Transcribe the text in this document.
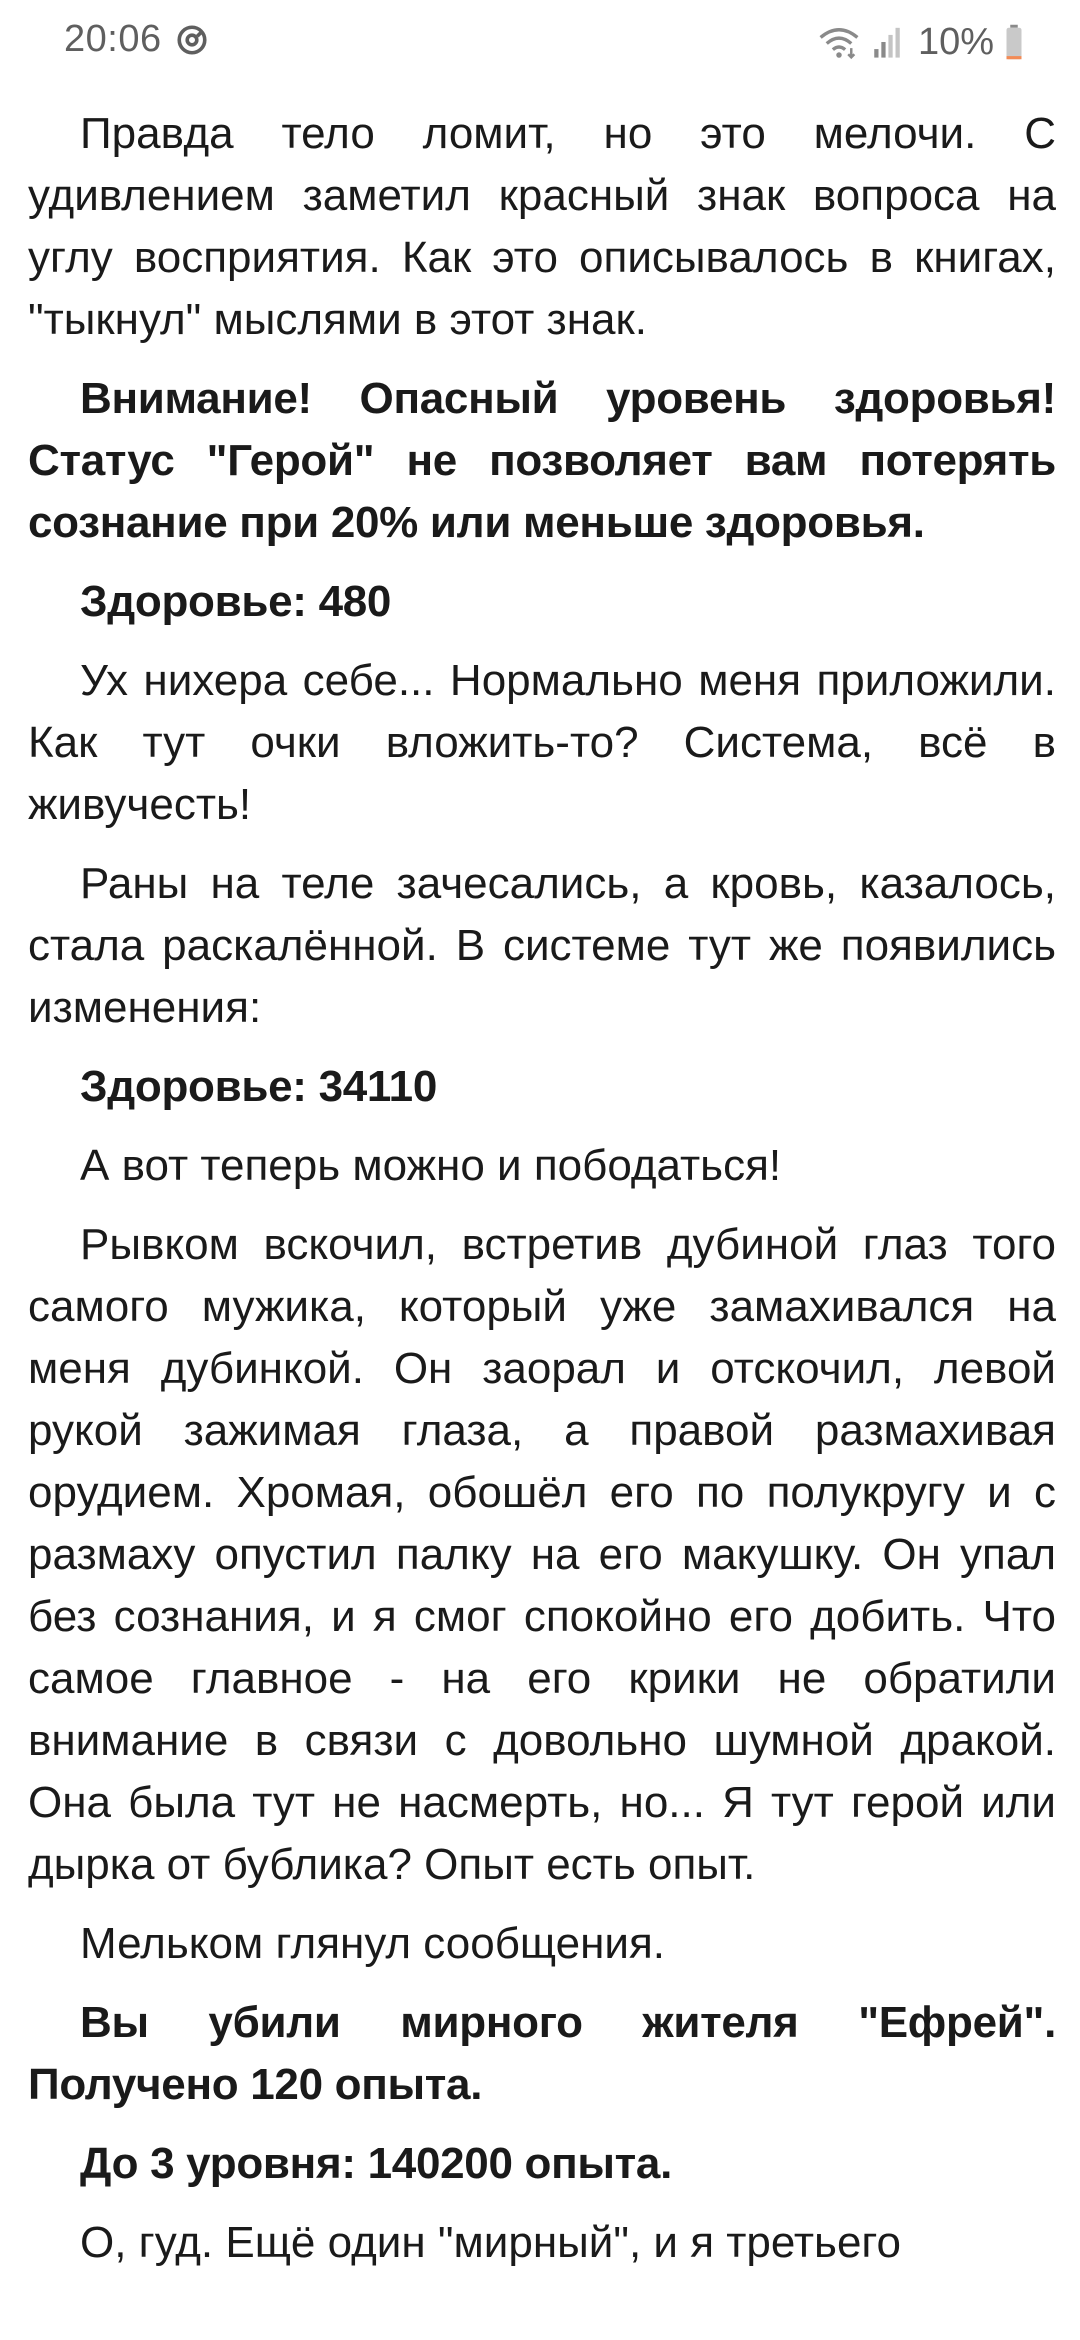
20:06	10%

Правда тело ломит, но это мелочи. С удивлением заметил красный знак вопроса на углу восприятия. Как это описывалось в книгах, "тыкнул" мыслями в этот знак.

Внимание! Опасный уровень здоровья! Статус "Герой" не позволяет вам потерять сознание при 20% или меньше здоровья.

Здоровье: 480

Ух нихера себе... Нормально меня приложили. Как тут очки вложить-то? Система, всё в живучесть!

Раны на теле зачесались, а кровь, казалось, стала раскалённой. В системе тут же появились изменения:

Здоровье: 34110

А вот теперь можно и пободаться!

Рывком вскочил, встретив дубиной глаз того самого мужика, который уже замахивался на меня дубинкой. Он заорал и отскочил, левой рукой зажимая глаза, а правой размахивая орудием. Хромая, обошёл его по полукругу и с размаху опустил палку на его макушку. Он упал без сознания, и я смог спокойно его добить. Что самое главное - на его крики не обратили внимание в связи с довольно шумной дракой. Она была тут не насмерть, но... Я тут герой или дырка от бублика? Опыт есть опыт.

Мельком глянул сообщения.

Вы убили мирного жителя "Ефрей". Получено 120 опыта.

До 3 уровня: 140200 опыта.

О, гуд. Ещё один "мирный", и я третьего
